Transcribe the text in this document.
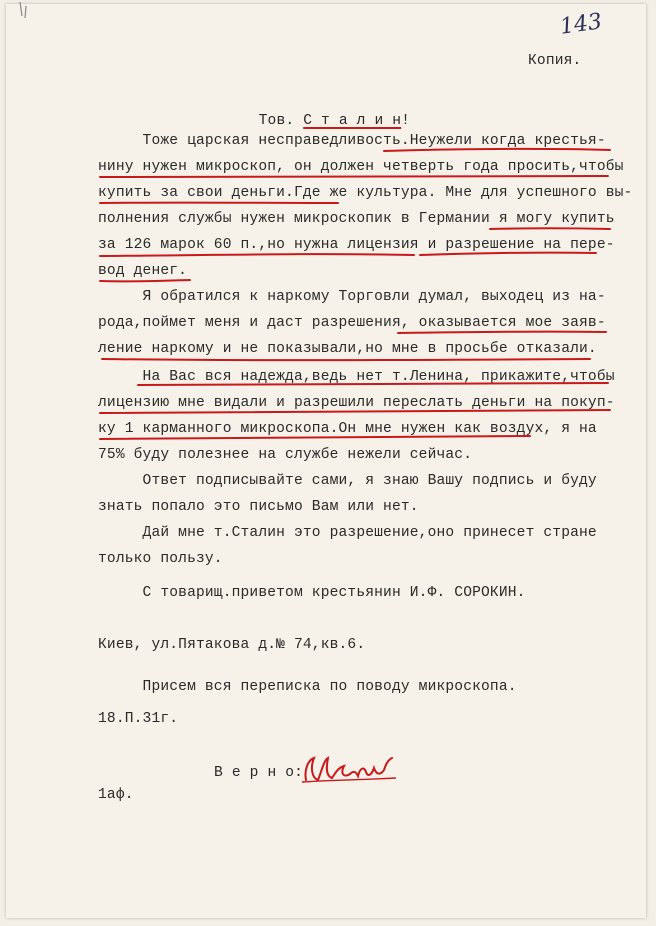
143
Копия.

Тов. С т а л и н!

Тоже царская несправедливость.Неужели когда крестья-
нину нужен микроскоп, он должен четверть года просить,чтобы
купить за свои деньги.Где же культура. Мне для успешного вы-
полнения службы нужен микроскопик в Германии я могу купить
за 126 марок 60 п.,но нужна лицензия и разрешение на пере-
вод денег.
Я обратился к наркому Торговли думал, выходец из на-
рода,поймет меня и даст разрешения, оказывается мое заяв-
ление наркому и не показывали,но мне в просьбе отказали.
На Вас вся надежда,ведь нет т.Ленина, прикажите,чтобы
лицензию мне видали и разрешили переслать деньги на покуп-
ку 1 карманного микроскопа.Он мне нужен как воздух, я на
75% буду полезнее на службе нежели сейчас.
Ответ подписывайте сами, я знаю Вашу подпись и буду
знать попало это письмо Вам или нет.
Дай мне т.Сталин это разрешение,оно принесет стране
только пользу.
С товарищ.приветом крестьянин И.Ф. СОРОКИН.
Киев, ул.Пятакова д.№ 74,кв.6.
Присем вся переписка по поводу микроскопа.
18.П.31г.
В е р н о:
1аф.
